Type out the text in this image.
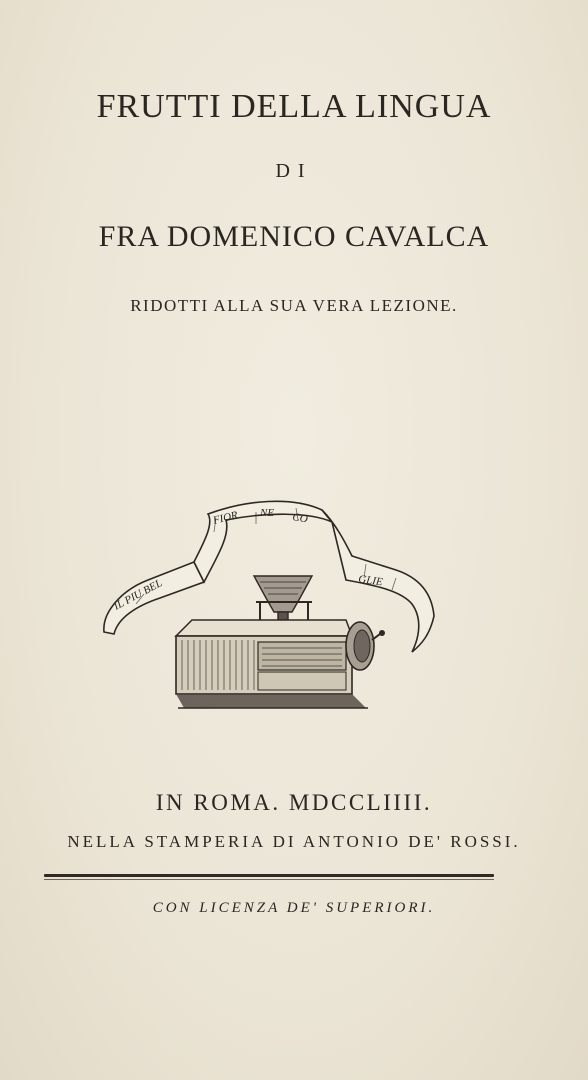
FRUTTI DELLA LINGUA
DI
FRA DOMENICO CAVALCA
RIDOTTI ALLA SUA VERA LEZIONE.
IL PIU BEL
FIOR NE CO
GLIE
IN ROMA. MDCCLIIII.
NELLA STAMPERIA DI ANTONIO DE' ROSSI.
CON LICENZA DE' SUPERIORI.
